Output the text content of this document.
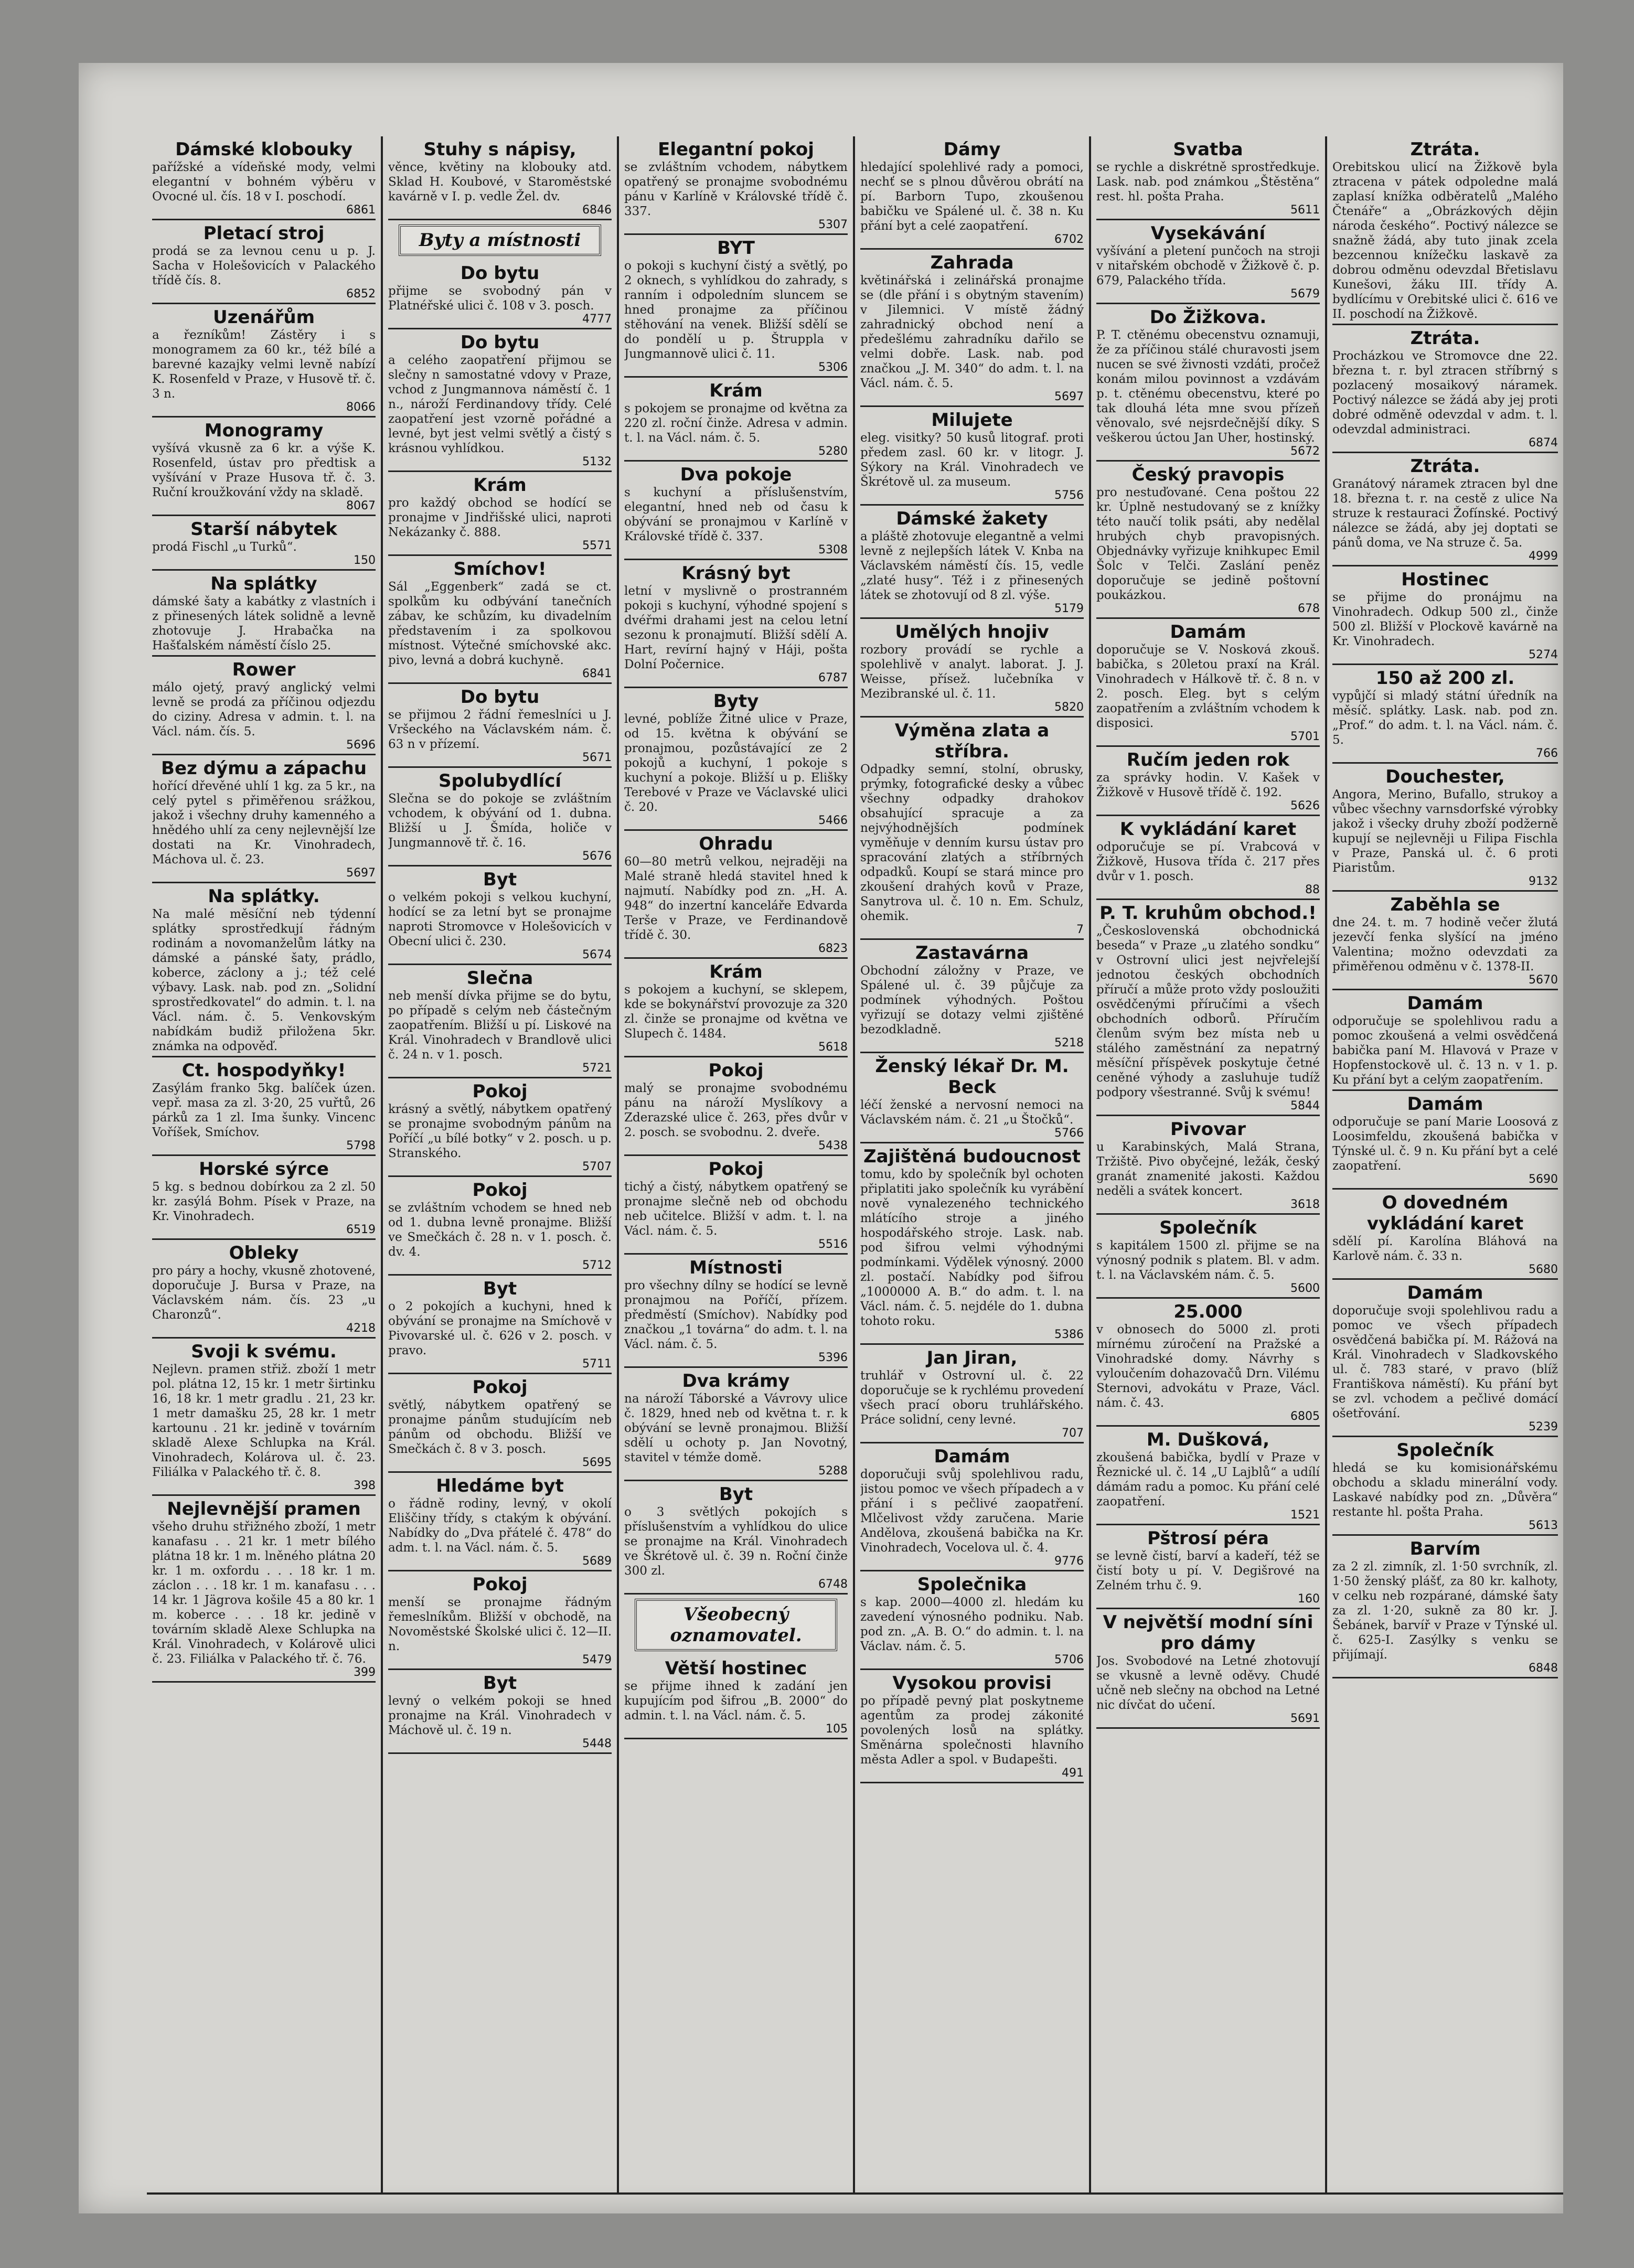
Dámské klobouky
pařížské a vídeňské mody, velmi elegantní v bohném výběru v Ovocné ul. čís. 18 v I. poschodí.
6861
Pletací stroj
prodá se za levnou cenu u p. J. Sacha v Holešovicích v Palackého třídě čís. 8.
6852
Uzenářům
a řezníkům! Zástěry i s monogramem za 60 kr., též bílé a barevné kazajky velmi levně nabízí K. Rosenfeld v Praze, v Husově tř. č. 3 n.
8066
Monogramy
vyšívá vkusně za 6 kr. a výše K. Rosenfeld, ústav pro předtisk a vyšívání v Praze Husova tř. č. 3. Ruční kroužkování vždy na skladě.
8067
Starší nábytek
prodá Fischl „u Turků“.
150
Na splátky
dámské šaty a kabátky z vlastních i z přinesených látek solidně a levně zhotovuje J. Hrabačka na Hašťalském náměstí číslo 25.
Rower
málo ojetý, pravý anglický velmi levně se prodá za příčinou odjezdu do ciziny. Adresa v admin. t. l. na Václ. nám. čís. 5.
5696
Bez dýmu a zápachu
hořící dřevěné uhlí 1 kg. za 5 kr., na celý pytel s přiměřenou srážkou, jakož i všechny druhy kamenného a hnědého uhlí za ceny nejlevnější lze dostati na Kr. Vinohradech, Máchova ul. č. 23.
5697
Na splátky.
Na malé měsíční neb týdenní splátky sprostředkují řádným rodinám a novomanželům látky na dámské a pánské šaty, prádlo, koberce, záclony a j.; též celé výbavy. Lask. nab. pod zn. „Solidní sprostředkovatel“ do admin. t. l. na Václ. nám. č. 5. Venkovským nabídkám budiž přiložena 5kr. známka na odpověď.
Ct. hospodyňky!
Zasýlám franko 5kg. balíček úzen. vepř. masa za zl. 3·20, 25 vuřtů, 26 párků za 1 zl. Ima šunky. Vincenc Voříšek, Smíchov.
5798
Horské sýrce
5 kg. s bednou dobírkou za 2 zl. 50 kr. zasýlá Bohm. Písek v Praze, na Kr. Vinohradech.
6519
Obleky
pro páry a hochy, vkusně zhotovené, doporučuje J. Bursa v Praze, na Václavském nám. čís. 23 „u Charonzů“.
4218
Svoji k svému.
Nejlevn. pramen střiž. zboží 1 metr pol. plátna 12, 15 kr. 1 metr širtinku 16, 18 kr. 1 metr gradlu . 21, 23 kr. 1 metr damašku 25, 28 kr. 1 metr kartounu . 21 kr. jedině v továrním skladě Alexe Schlupka na Král. Vinohradech, Kolárova ul. č. 23. Filiálka v Palackého tř. č. 8.
398
Nejlevnější pramen
všeho druhu střižného zboží, 1 metr kanafasu . . 21 kr. 1 metr bílého plátna 18 kr. 1 m. lněného plátna 20 kr. 1 m. oxfordu . . . 18 kr. 1 m. záclon . . . 18 kr. 1 m. kanafasu . . . 14 kr. 1 Jägrova košile 45 a 80 kr. 1 m. koberce . . . 18 kr. jedině v továrním skladě Alexe Schlupka na Král. Vinohradech, v Kolárově ulici č. 23. Filiálka v Palackého tř. č. 76.
399
Stuhy s nápisy,
věnce, květiny na klobouky atd. Sklad H. Koubové, v Staroměstské kavárně v I. p. vedle Žel. dv.
6846
Byty a místnosti
Do bytu
přijme se svobodný pán v Platnéřské ulici č. 108 v 3. posch.
4777
Do bytu
a celého zaopatření přijmou se slečny n samostatné vdovy v Praze, vchod z Jungmannova náměstí č. 1 n., nároží Ferdinandovy třídy. Celé zaopatření jest vzorně pořádné a levné, byt jest velmi světlý a čistý s krásnou vyhlídkou.
5132
Krám
pro každý obchod se hodící se pronajme v Jindřišské ulici, naproti Nekázanky č. 888.
5571
Smíchov!
Sál „Eggenberk“ zadá se ct. spolkům ku odbývání tanečních zábav, ke schůzím, ku divadelním představením i za spolkovou místnost. Výtečné smíchovské akc. pivo, levná a dobrá kuchyně.
6841
Do bytu
se přijmou 2 řádní řemeslníci u J. Vršeckého na Václavském nám. č. 63 n v přízemí.
5671
Spolubydlící
Slečna se do pokoje se zvláštním vchodem, k obývání od 1. dubna. Bližší u J. Šmída, holiče v Jungmannově tř. č. 16.
5676
Byt
o velkém pokoji s velkou kuchyní, hodící se za letní byt se pronajme naproti Stromovce v Holešovicích v Obecní ulici č. 230.
5674
Slečna
neb menší dívka přijme se do bytu, po případě s celým neb částečným zaopatřením. Bližší u pí. Liskové na Král. Vinohradech v Brandlově ulici č. 24 n. v 1. posch.
5721
Pokoj
krásný a světlý, nábytkem opatřený se pronajme svobodným pánům na Poříčí „u bílé botky“ v 2. posch. u p. Stranského.
5707
Pokoj
se zvláštním vchodem se hned neb od 1. dubna levně pronajme. Bližší ve Smečkách č. 28 n. v 1. posch. č. dv. 4.
5712
Byt
o 2 pokojích a kuchyni, hned k obývání se pronajme na Smíchově v Pivovarské ul. č. 626 v 2. posch. v pravo.
5711
Pokoj
světlý, nábytkem opatřený se pronajme pánům studujícím neb pánům od obchodu. Bližší ve Smečkách č. 8 v 3. posch.
5695
Hledáme byt
o řádně rodiny, levný, v okolí Eliščiny třídy, s ctakým k obývání. Nabídky do „Dva přátelé č. 478“ do adm. t. l. na Václ. nám. č. 5.
5689
Pokoj
menší se pronajme řádným řemeslníkům. Bližší v obchodě, na Novoměstské Školské ulici č. 12—II. n.
5479
Byt
levný o velkém pokoji se hned pronajme na Král. Vinohradech v Máchově ul. č. 19 n.
5448
Elegantní pokoj
se zvláštním vchodem, nábytkem opatřený se pronajme svobodnému pánu v Karlíně v Královské třídě č. 337.
5307
BYT
o pokoji s kuchyní čistý a světlý, po 2 oknech, s vyhlídkou do zahrady, s ranním i odpoledním sluncem se hned pronajme za příčinou stěhování na venek. Bližší sdělí se do pondělí u p. Štruppla v Jungmannově ulici č. 11.
5306
Krám
s pokojem se pronajme od května za 220 zl. roční činže. Adresa v admin. t. l. na Václ. nám. č. 5.
5280
Dva pokoje
s kuchyní a příslušenstvím, elegantní, hned neb od času k obývání se pronajmou v Karlíně v Královské třídě č. 337.
5308
Krásný byt
letní v myslivně o prostranném pokoji s kuchyní, výhodné spojení s dvéřmi drahami jest na celou letní sezonu k pronajmutí. Bližší sdělí A. Hart, revírní hajný v Háji, pošta Dolní Počernice.
6787
Byty
levné, poblíže Žitné ulice v Praze, od 15. května k obývání se pronajmou, pozůstávající ze 2 pokojů a kuchyní, 1 pokoje s kuchyní a pokoje. Bližší u p. Elišky Terebové v Praze ve Václavské ulici č. 20.
5466
Ohradu
60—80 metrů velkou, nejraději na Malé straně hledá stavitel hned k najmutí. Nabídky pod zn. „H. A. 948“ do inzertní kanceláře Edvarda Terše v Praze, ve Ferdinandově třídě č. 30.
6823
Krám
s pokojem a kuchyní, se sklepem, kde se bokynářství provozuje za 320 zl. činže se pronajme od května ve Slupech č. 1484.
5618
Pokoj
malý se pronajme svobodnému pánu na nároží Myslíkovy a Zderazské ulice č. 263, přes dvůr v 2. posch. se svobodnu. 2. dveře.
5438
Pokoj
tichý a čistý, nábytkem opatřený se pronajme slečně neb od obchodu neb učitelce. Bližší v adm. t. l. na Václ. nám. č. 5.
5516
Místnosti
pro všechny dílny se hodící se levně pronajmou na Poříčí, přízem. předměstí (Smíchov). Nabídky pod značkou „1 továrna“ do adm. t. l. na Václ. nám. č. 5.
5396
Dva krámy
na nároží Táborské a Vávrovy ulice č. 1829, hned neb od května t. r. k obývání se levně pronajmou. Bližší sdělí u ochoty p. Jan Novotný, stavitel v témže domě.
5288
Byt
o 3 světlých pokojích s příslušenstvím a vyhlídkou do ulice se pronajme na Král. Vinohradech ve Škrétově ul. č. 39 n. Roční činže 300 zl.
6748
Všeobecný oznamovatel.
Větší hostinec
se přijme ihned k zadání jen kupujícím pod šifrou „B. 2000“ do admin. t. l. na Václ. nám. č. 5.
105
Dámy
hledající spolehlivé rady a pomoci, nechť se s plnou důvěrou obrátí na pí. Barborn Tupo, zkoušenou babičku ve Spálené ul. č. 38 n. Ku přání byt a celé zaopatření.
6702
Zahrada
květinářská i zelinářská pronajme se (dle přání i s obytným stavením) v Jilemnici. V místě žádný zahradnický obchod není a předešlému zahradníku dařilo se velmi dobře. Lask. nab. pod značkou „J. M. 340“ do adm. t. l. na Václ. nám. č. 5.
5697
Milujete
eleg. visitky? 50 kusů litograf. proti předem zasl. 60 kr. v litogr. J. Sýkory na Král. Vinohradech ve Škrétově ul. za museum.
5756
Dámské žakety
a pláště zhotovuje elegantně a velmi levně z nejlepších látek V. Knba na Václavském náměstí čís. 15, vedle „zlaté husy“. Též i z přinesených látek se zhotovují od 8 zl. výše.
5179
Umělých hnojiv
rozbory provádí se rychle a spolehlivě v analyt. laborat. J. J. Weisse, přísež. lučebníka v Mezibranské ul. č. 11.
5820
Výměna zlata a stříbra.
Odpadky semní, stolní, obrusky, prýmky, fotografické desky a vůbec všechny odpadky drahokov obsahující spracuje a za nejvýhodnějších podmínek vyměňuje v denním kursu ústav pro spracování zlatých a stříbrných odpadků. Koupí se stará mince pro zkoušení drahých kovů v Praze, Sanytrova ul. č. 10 n. Em. Schulz, ohemik.
7
Zastavárna
Obchodní záložny v Praze, ve Spálené ul. č. 39 půjčuje za podmínek výhodných. Poštou vyřizují se dotazy velmi zjištěné bezodkladně.
5218
Ženský lékař Dr. M. Beck
léčí ženské a nervosní nemoci na Václavském nám. č. 21 „u Štočků“.
5766
Zajištěná budoucnost
tomu, kdo by společník byl ochoten připlatiti jako společník ku vyrábění nově vynalezeného technického mlátícího stroje a jiného hospodářského stroje. Lask. nab. pod šifrou velmi výhodnými podmínkami. Výdělek výnosný. 2000 zl. postačí. Nabídky pod šifrou „1000000 A. B.“ do adm. t. l. na Václ. nám. č. 5. nejdéle do 1. dubna tohoto roku.
5386
Jan Jiran,
truhlář v Ostrovní ul. č. 22 doporučuje se k rychlému provedení všech prací oboru truhlářského. Práce solidní, ceny levné.
707
Damám
doporučuji svůj spolehlivou radu, jistou pomoc ve všech případech a v přání i s pečlivé zaopatření. Mlčelivost vždy zaručena. Marie Andělova, zkoušená babička na Kr. Vinohradech, Vocelova ul. č. 4.
9776
Společnika
s kap. 2000—4000 zl. hledám ku zavedení výnosného podniku. Nab. pod zn. „A. B. O.“ do admin. t. l. na Václav. nám. č. 5.
5706
Vysokou provisi
po případě pevný plat poskytneme agentům za prodej zákonité povolených losů na splátky. Směnárna společnosti hlavního města Adler a spol. v Budapešti.
491
Svatba
se rychle a diskrétně sprostředkuje. Lask. nab. pod známkou „Štěstěna“ rest. hl. pošta Praha.
5611
Vysekávání
vyšívání a pletení punčoch na stroji v nitařském obchodě v Žižkově č. p. 679, Palackého třída.
5679
Do Žižkova.
P. T. ctěnému obecenstvu oznamuji, že za příčinou stálé churavosti jsem nucen se své živnosti vzdáti, pročež konám milou povinnost a vzdávám p. t. ctěnému obecenstvu, které po tak dlouhá léta mne svou přízeň věnovalo, své nejsrdečnější díky. S veškerou úctou Jan Uher, hostinský.
5672
Český pravopis
pro nestuďované. Cena poštou 22 kr. Úplně nestudovaný se z knížky této naučí tolik psáti, aby nedělal hrubých chyb pravopisných. Objednávky vyřizuje knihkupec Emil Šolc v Telči. Zaslání peněz doporučuje se jedině poštovní poukázkou.
678
Damám
doporučuje se V. Nosková zkouš. babička, s 20letou praxí na Král. Vinohradech v Hálkově tř. č. 8 n. v 2. posch. Eleg. byt s celým zaopatřením a zvláštním vchodem k disposici.
5701
Ručím jeden rok
za správky hodin. V. Kašek v Žižkově v Husově třídě č. 192.
5626
K vykládání karet
odporučuje se pí. Vrabcová v Žižkově, Husova třída č. 217 přes dvůr v 1. posch.
88
P. T. kruhům obchod.!
„Československá obchodnická beseda“ v Praze „u zlatého sondku“ v Ostrovní ulici jest nejvřelejší jednotou českých obchodních příručí a může proto vždy posloužiti osvědčenými příručími a všech obchodních odborů. Příručím členům svým bez místa neb u stálého zaměstnání za nepatrný měsíční příspěvek poskytuje četné ceněné výhody a zasluhuje tudíž podpory všestranné. Svůj k svému!
5844
Pivovar
u Karabinských, Malá Strana, Tržiště. Pivo obyčejné, ležák, český granát znamenité jakosti. Každou neděli a svátek koncert.
3618
Společník
s kapitálem 1500 zl. přijme se na výnosný podnik s platem. Bl. v adm. t. l. na Václavském nám. č. 5.
5600
25.000
v obnosech do 5000 zl. proti mírnému zúročení na Pražské a Vinohradské domy. Návrhy s vyloučením dohazovačů Drn. Vilému Sternovi, advokátu v Praze, Václ. nám. č. 43.
6805
M. Dušková,
zkoušená babička, bydlí v Praze v Řeznické ul. č. 14 „U Lajblů“ a udílí dámám radu a pomoc. Ku přání celé zaopatření.
1521
Pštrosí péra
se levně čistí, barví a kadeří, též se čistí boty u pí. V. Degišrové na Zelném trhu č. 9.
160
V největší modní síni pro dámy
Jos. Svobodové na Letné zhotovují se vkusně a levně oděvy. Chudé učně neb slečny na obchod na Letné nic dívčat do učení.
5691
Ztráta.
Orebitskou ulicí na Žižkově byla ztracena v pátek odpoledne malá zaplasí knížka odběratelů „Malého Čtenáře“ a „Obrázkových dějin národa českého“. Poctivý nálezce se snažně žádá, aby tuto jinak zcela bezcennou knížečku laskavě za dobrou odměnu odevzdal Břetislavu Kunešovi, žáku III. třídy A. bydlícímu v Orebitské ulici č. 616 ve II. poschodí na Žižkově.
Ztráta.
Procházkou ve Stromovce dne 22. března t. r. byl ztracen stříbrný s pozlacený mosaikový náramek. Poctivý nálezce se žádá aby jej proti dobré odměně odevzdal v adm. t. l. odevzdal administraci.
6874
Ztráta.
Granátový náramek ztracen byl dne 18. března t. r. na cestě z ulice Na struze k restauraci Žofínské. Poctivý nálezce se žádá, aby jej doptati se pánů doma, ve Na struze č. 5a.
4999
Hostinec
se přijme do pronájmu na Vinohradech. Odkup 500 zl., činže 500 zl. Bližší v Plockově kavárně na Kr. Vinohradech.
5274
150 až 200 zl.
vypůjčí si mladý státní úředník na měsíč. splátky. Lask. nab. pod zn. „Prof.“ do adm. t. l. na Václ. nám. č. 5.
766
Douchester,
Angora, Merino, Bufallo, strukoy a vůbec všechny varnsdorfské výrobky jakož i všecky druhy zboží podžerně kupují se nejlevněji u Filipa Fischla v Praze, Panská ul. č. 6 proti Piaristům.
9132
Zaběhla se
dne 24. t. m. 7 hodině večer žlutá jezevčí fenka slyšící na jméno Valentina; možno odevzdati za přiměřenou odměnu v č. 1378-II.
5670
Damám
odporučuje se spolehlivou radu a pomoc zkoušená a velmi osvědčená babička paní M. Hlavová v Praze v Hopfenstockově ul. č. 13 n. v 1. p. Ku přání byt a celým zaopatřením.
Damám
odporučuje se paní Marie Loosová z Loosimfeldu, zkoušená babička v Týnské ul. č. 9 n. Ku přání byt a celé zaopatření.
5690
O dovedném vykládání karet
sdělí pí. Karolína Bláhová na Karlově nám. č. 33 n.
5680
Damám
doporučuje svoji spolehlivou radu a pomoc ve všech případech osvědčená babička pí. M. Rážová na Král. Vinohradech v Sladkovského ul. č. 783 staré, v pravo (blíž Františkova náměstí). Ku přání byt se zvl. vchodem a pečlivé domácí ošetřování.
5239
Společník
hledá se ku komisionářskému obchodu a skladu minerální vody. Laskavé nabídky pod zn. „Důvěra“ restante hl. pošta Praha.
5613
Barvím
za 2 zl. zimník, zl. 1·50 svrchník, zl. 1·50 ženský plášť, za 80 kr. kalhoty, v celku neb rozpárané, dámské šaty za zl. 1·20, sukně za 80 kr. J. Šebánek, barvíř v Praze v Týnské ul. č. 625-I. Zasýlky s venku se přijímají.
6848
